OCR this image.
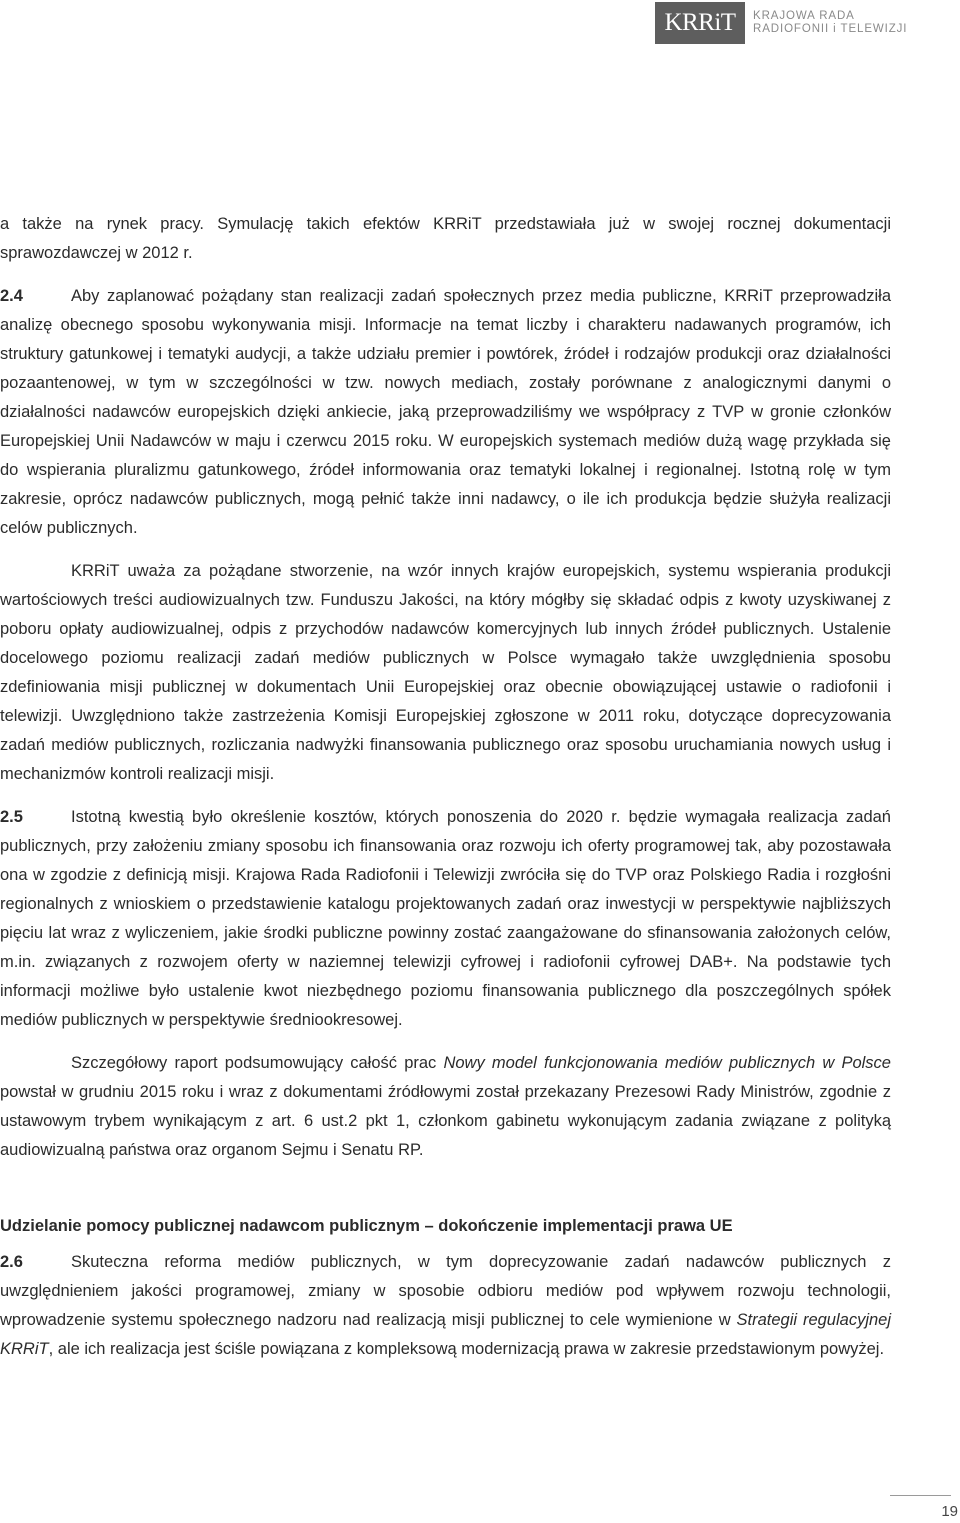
KRRiT	KRAJOWA RADA
RADIOFONII i TELEWIZJI

a także na rynek pracy. Symulację takich efektów KRRiT przedstawiała już w swojej rocznej dokumentacji sprawozdawczej w 2012 r.

2.4	Aby zaplanować pożądany stan realizacji zadań społecznych przez media publiczne, KRRiT przeprowadziła analizę obecnego sposobu wykonywania misji. Informacje na temat liczby i charakteru nadawanych programów, ich struktury gatunkowej i tematyki audycji, a także udziału premier i powtórek, źródeł i rodzajów produkcji oraz działalności pozaantenowej, w tym w szczególności w tzw. nowych mediach, zostały porównane z analogicznymi danymi o działalności nadawców europejskich dzięki ankiecie, jaką przeprowadziliśmy we współpracy z TVP w gronie członków Europejskiej Unii Nadawców w maju i czerwcu 2015 roku. W europejskich systemach mediów dużą wagę przykłada się do wspierania pluralizmu gatunkowego, źródeł informowania oraz tematyki lokalnej i regionalnej. Istotną rolę w tym zakresie, oprócz nadawców publicznych, mogą pełnić także inni nadawcy, o ile ich produkcja będzie służyła realizacji celów publicznych.

KRRiT uważa za pożądane stworzenie, na wzór innych krajów europejskich, systemu wspierania produkcji wartościowych treści audiowizualnych tzw. Funduszu Jakości, na który mógłby się składać odpis z kwoty uzyskiwanej z poboru opłaty audiowizualnej, odpis z przychodów nadawców komercyjnych lub innych źródeł publicznych. Ustalenie docelowego poziomu realizacji zadań mediów publicznych w Polsce wymagało także uwzględnienia sposobu zdefiniowania misji publicznej w dokumentach Unii Europejskiej oraz obecnie obowiązującej ustawie o radiofonii i telewizji. Uwzględniono także zastrzeżenia Komisji Europejskiej zgłoszone w 2011 roku, dotyczące doprecyzowania zadań mediów publicznych, rozliczania nadwyżki finansowania publicznego oraz sposobu uruchamiania nowych usług i mechanizmów kontroli realizacji misji.

2.5	Istotną kwestią było określenie kosztów, których ponoszenia do 2020 r. będzie wymagała realizacja zadań publicznych, przy założeniu zmiany sposobu ich finansowania oraz rozwoju ich oferty programowej tak, aby pozostawała ona w zgodzie z definicją misji. Krajowa Rada Radiofonii i Telewizji zwróciła się do TVP oraz Polskiego Radia i rozgłośni regionalnych z wnioskiem o przedstawienie katalogu projektowanych zadań oraz inwestycji w perspektywie najbliższych pięciu lat wraz z wyliczeniem, jakie środki publiczne powinny zostać zaangażowane do sfinansowania założonych celów, m.in. związanych z rozwojem oferty w naziemnej telewizji cyfrowej i radiofonii cyfrowej DAB+. Na podstawie tych informacji możliwe było ustalenie kwot niezbędnego poziomu finansowania publicznego dla poszczególnych spółek mediów publicznych w perspektywie średniookresowej.

Szczegółowy raport podsumowujący całość prac Nowy model funkcjonowania mediów publicznych w Polsce powstał w grudniu 2015 roku i wraz z dokumentami źródłowymi został przekazany Prezesowi Rady Ministrów, zgodnie z ustawowym trybem wynikającym z art. 6 ust.2 pkt 1, członkom gabinetu wykonującym zadania związane z polityką audiowizualną państwa oraz organom Sejmu i Senatu RP.

Udzielanie pomocy publicznej nadawcom publicznym – dokończenie implementacji prawa UE

2.6	Skuteczna reforma mediów publicznych, w tym doprecyzowanie zadań nadawców publicznych z uwzględnieniem jakości programowej, zmiany w sposobie odbioru mediów pod wpływem rozwoju technologii, wprowadzenie systemu społecznego nadzoru nad realizacją misji publicznej to cele wymienione w Strategii regulacyjnej KRRiT, ale ich realizacja jest ściśle powiązana z kompleksową modernizacją prawa w zakresie przedstawionym powyżej.

19
